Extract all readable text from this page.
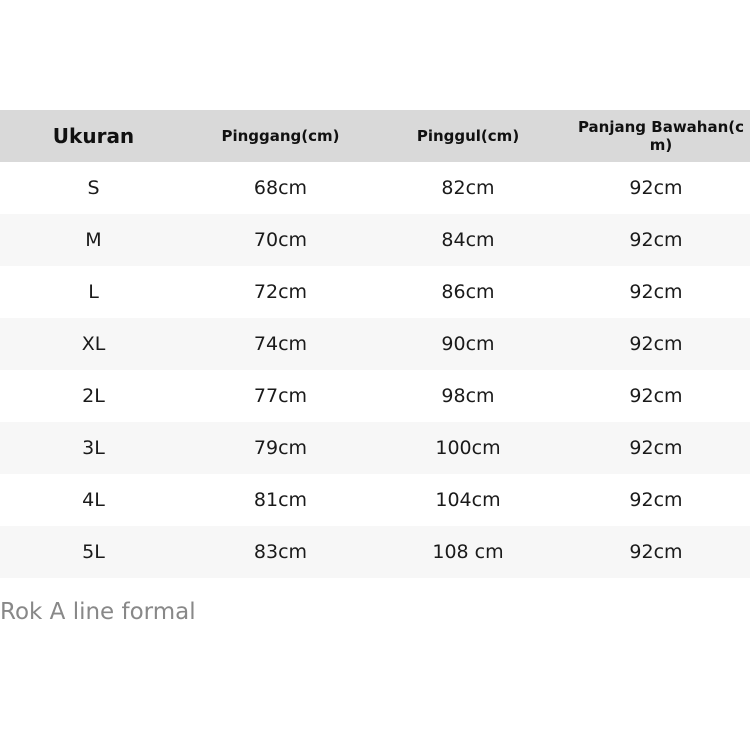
Ukuran	Pinggang(cm)	Pinggul(cm)	Panjang Bawahan(cm)
S	68cm	82cm	92cm
M	70cm	84cm	92cm
L	72cm	86cm	92cm
XL	74cm	90cm	92cm
2L	77cm	98cm	92cm
3L	79cm	100cm	92cm
4L	81cm	104cm	92cm
5L	83cm	108 cm	92cm
Rok A line formal
